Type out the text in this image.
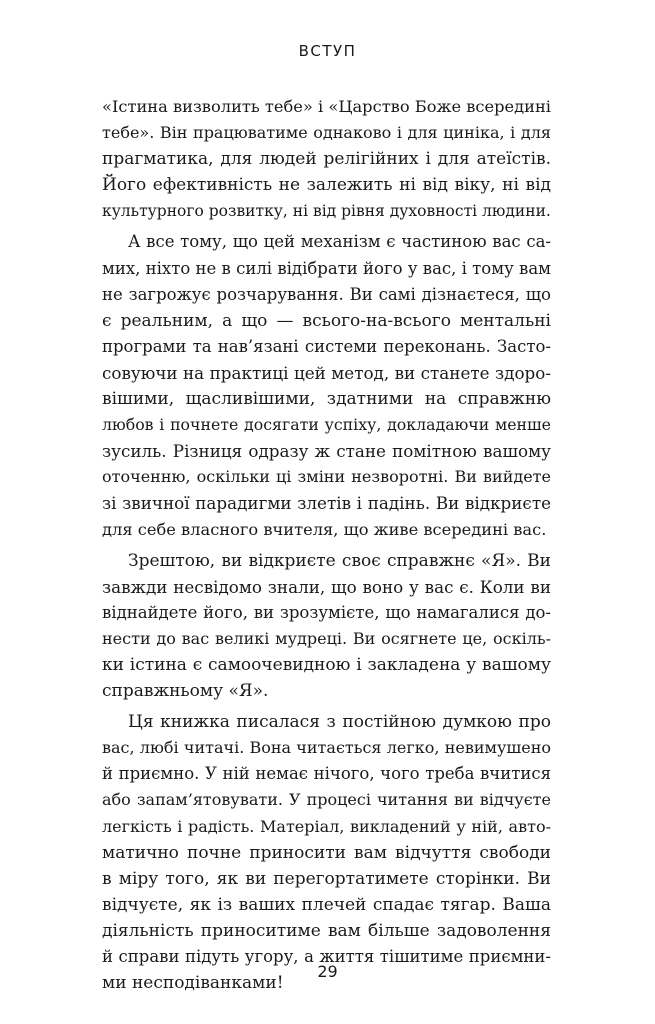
ВСТУП
«Істина визволить тебе» і «Царство Боже всередині
тебе». Він працюватиме однаково і для циніка, і для
прагматика, для людей релігійних і для атеїстів.
Його ефективність не залежить ні від віку, ні від
культурного розвитку, ні від рівня духовності людини.
А все тому, що цей механізм є частиною вас са-
мих, ніхто не в силі відібрати його у вас, і тому вам
не загрожує розчарування. Ви самі дізнаєтеся, що
є реальним, а що — всього-на-всього ментальні
програми та нав’язані системи переконань. Засто-
совуючи на практиці цей метод, ви станете здоро-
вішими, щасливішими, здатними на справжню
любов і почнете досягати успіху, докладаючи менше
зусиль. Різниця одразу ж стане помітною вашому
оточенню, оскільки ці зміни незворотні. Ви вийдете
зі звичної парадигми злетів і падінь. Ви відкриєте
для себе власного вчителя, що живе всередині вас.
Зрештою, ви відкриєте своє справжнє «Я». Ви
завжди несвідомо знали, що воно у вас є. Коли ви
віднайдете його, ви зрозумієте, що намагалися до-
нести до вас великі мудреці. Ви осягнете це, оскіль-
ки істина є самоочевидною і закладена у вашому
справжньому «Я».
Ця книжка писалася з постійною думкою про
вас, любі читачі. Вона читається легко, невимушено
й приємно. У ній немає нічого, чого треба вчитися
або запам’ятовувати. У процесі читання ви відчуєте
легкість і радість. Матеріал, викладений у ній, авто-
матично почне приносити вам відчуття свободи
в міру того, як ви перегортатимете сторінки. Ви
відчуєте, як із ваших плечей спадає тягар. Ваша
діяльність приноситиме вам більше задоволення
й справи підуть угору, а життя тішитиме приємни-
ми несподіванками!
29
